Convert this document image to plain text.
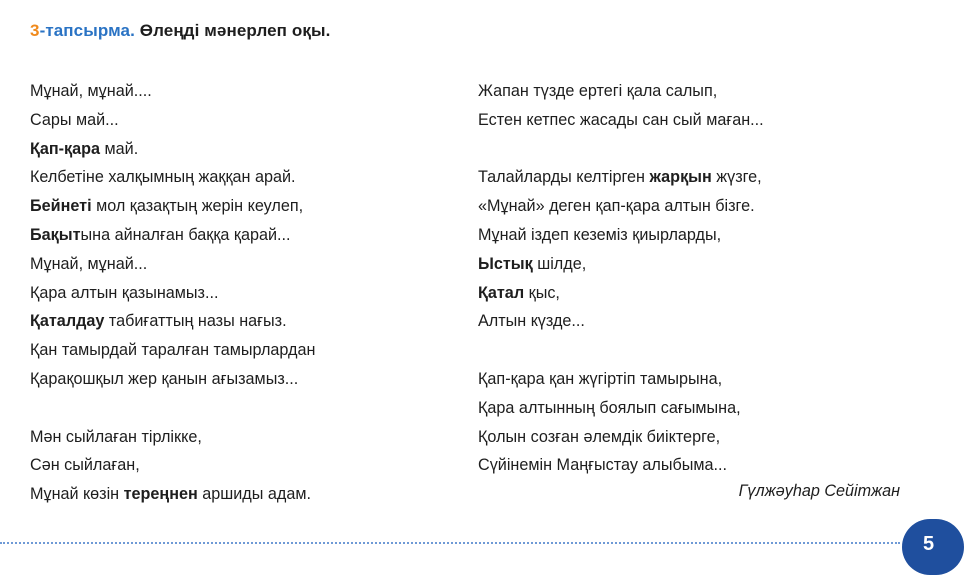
3-тапсырма. Өлеңді мәнерлеп оқы.
Мұнай, мұнай....
Сары май...
Қап-қара май.
Келбетіне халқымның жаққан арай.
Бейнеті мол қазақтың жерін кеулеп,
Бақытына айналған баққа қарай...
Мұнай, мұнай...
Қара алтын қазынамыз...
Қаталдау табиғаттың назы нағыз.
Қан тамырдай таралған тамырлардан
Қарақошқыл жер қанын ағызамыз...
Мән сыйлаған тірлікке,
Сән сыйлаған,
Мұнай көзін тереңнен аршиды адам.
Жапан түзде ертегі қала салып,
Естен кетпес жасады сан сый маған...
Талайларды келтірген жарқын жүзге,
«Мұнай» деген қап-қара алтын бізге.
Мұнай іздеп кеземіз қиырларды,
Ыстық шілде,
Қатал қыс,
Алтын күзде...
Қап-қара қан жүгіртіп тамырына,
Қара алтынның боялып сағымына,
Қолын созған әлемдік биіктерге,
Сүйінемін Маңғыстау алыбыма...
Гүлжәуһар Сейітжан
5
